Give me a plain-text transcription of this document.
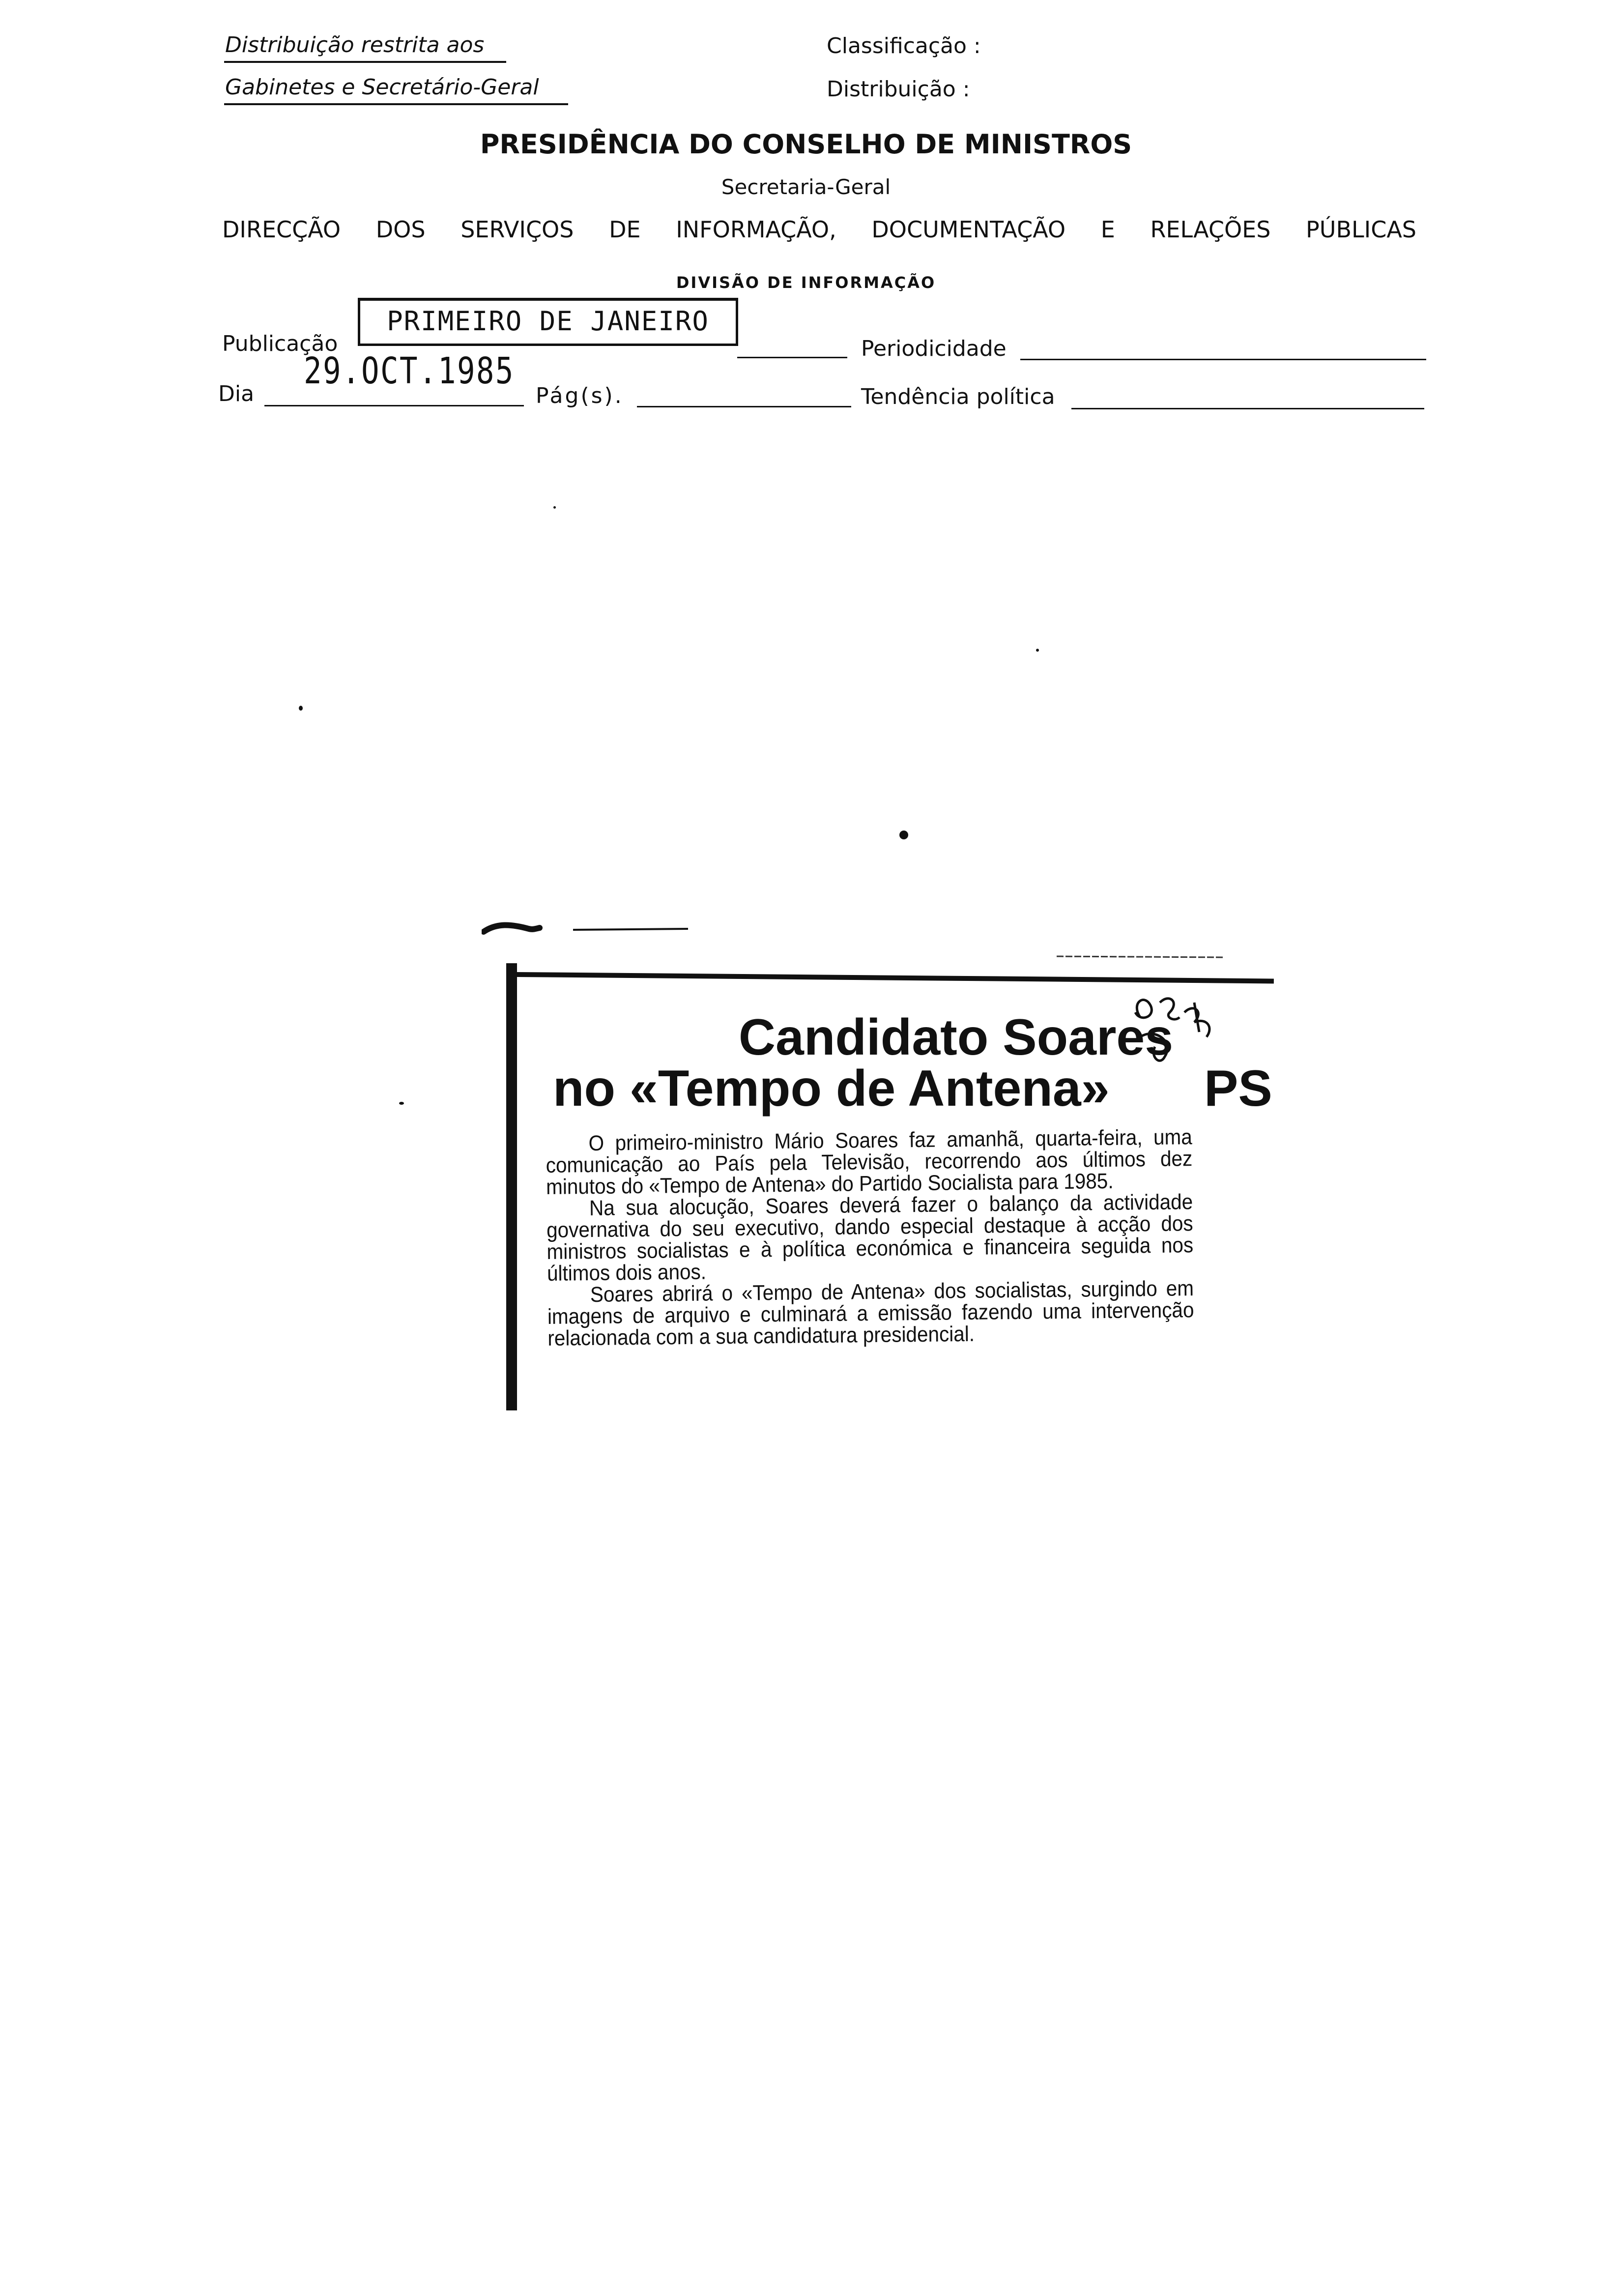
Distribuição restrita aos
Gabinetes e Secretário-Geral
Classificação :
Distribuição :
PRESIDÊNCIA DO CONSELHO DE MINISTROS
Secretaria-Geral
DIRECÇÃO DOS SERVIÇOS DE INFORMAÇÃO, DOCUMENTAÇÃO E RELAÇÕES PÚBLICAS
DIVISÃO DE INFORMAÇÃO
Publicação
PRIMEIRO DE JANEIRO
Periodicidade
Dia
29.OCT.1985
Pág(s).	Tendência política
Candidato Soares
no «Tempo de Antena»	PS

O primeiro-ministro Mário Soares faz amanhã, quarta-feira, uma comunicação ao País pela Televisão, recorrendo aos últimos dez minutos do «Tempo de Antena» do Partido Socialista para 1985.

Na sua alocução, Soares deverá fazer o balanço da actividade governativa do seu executivo, dando especial destaque à acção dos ministros socialistas e à política económica e financeira seguida nos últimos dois anos.

Soares abrirá o «Tempo de Antena» dos socialistas, surgindo em imagens de arquivo e culminará a emissão fazendo uma intervenção relacionada com a sua candidatura presidencial.
